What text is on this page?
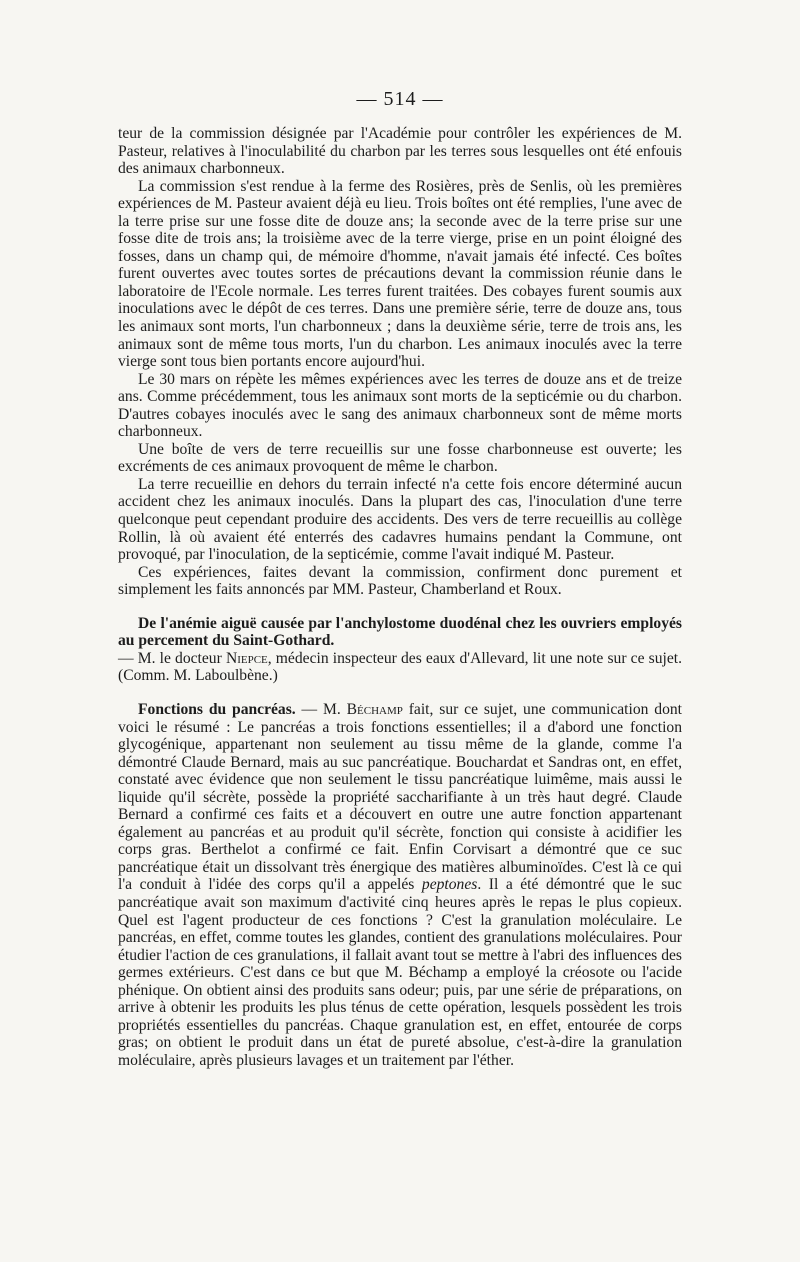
— 514 —

teur de la commission désignée par l'Académie pour contrôler les expériences de M. Pasteur, relatives à l'inoculabilité du charbon par les terres sous lesquelles ont été enfouis des animaux charbonneux.

La commission s'est rendue à la ferme des Rosières, près de Senlis, où les premières expériences de M. Pasteur avaient déjà eu lieu. Trois boîtes ont été remplies, l'une avec de la terre prise sur une fosse dite de douze ans; la seconde avec de la terre prise sur une fosse dite de trois ans; la troisième avec de la terre vierge, prise en un point éloigné des fosses, dans un champ qui, de mémoire d'homme, n'avait jamais été infecté. Ces boîtes furent ouvertes avec toutes sortes de précautions devant la commission réunie dans le laboratoire de l'Ecole normale. Les terres furent traitées. Des cobayes furent soumis aux inoculations avec le dépôt de ces terres. Dans une première série, terre de douze ans, tous les animaux sont morts, l'un charbonneux ; dans la deuxième série, terre de trois ans, les animaux sont de même tous morts, l'un du charbon. Les animaux inoculés avec la terre vierge sont tous bien portants encore aujourd'hui.

Le 30 mars on répète les mêmes expériences avec les terres de douze ans et de treize ans. Comme précédemment, tous les animaux sont morts de la septicémie ou du charbon. D'autres cobayes inoculés avec le sang des animaux charbonneux sont de même morts charbonneux.

Une boîte de vers de terre recueillis sur une fosse charbonneuse est ouverte; les excréments de ces animaux provoquent de même le charbon.

La terre recueillie en dehors du terrain infecté n'a cette fois encore déterminé aucun accident chez les animaux inoculés. Dans la plupart des cas, l'inoculation d'une terre quelconque peut cependant produire des accidents. Des vers de terre recueillis au collège Rollin, là où avaient été enterrés des cadavres humains pendant la Commune, ont provoqué, par l'inoculation, de la septicémie, comme l'avait indiqué M. Pasteur.

Ces expériences, faites devant la commission, confirment donc purement et simplement les faits annoncés par MM. Pasteur, Chamberland et Roux.

De l'anémie aiguë causée par l'anchylostome duodénal chez les ouvriers employés au percement du Saint-Gothard.

— M. le docteur Niepce, médecin inspecteur des eaux d'Allevard, lit une note sur ce sujet. (Comm. M. Laboulbène.)

Fonctions du pancréas. — M. Béchamp fait, sur ce sujet, une communication dont voici le résumé : Le pancréas a trois fonctions essentielles; il a d'abord une fonction glycogénique, appartenant non seulement au tissu même de la glande, comme l'a démontré Claude Bernard, mais au suc pancréatique. Bouchardat et Sandras ont, en effet, constaté avec évidence que non seulement le tissu pancréatique luimême, mais aussi le liquide qu'il sécrète, possède la propriété saccharifiante à un très haut degré. Claude Bernard a confirmé ces faits et a découvert en outre une autre fonction appartenant également au pancréas et au produit qu'il sécrète, fonction qui consiste à acidifier les corps gras. Berthelot a confirmé ce fait. Enfin Corvisart a démontré que ce suc pancréatique était un dissolvant très énergique des matières albuminoïdes. C'est là ce qui l'a conduit à l'idée des corps qu'il a appelés peptones. Il a été démontré que le suc pancréatique avait son maximum d'activité cinq heures après le repas le plus copieux. Quel est l'agent producteur de ces fonctions ? C'est la granulation moléculaire. Le pancréas, en effet, comme toutes les glandes, contient des granulations moléculaires. Pour étudier l'action de ces granulations, il fallait avant tout se mettre à l'abri des influences des germes extérieurs. C'est dans ce but que M. Béchamp a employé la créosote ou l'acide phénique. On obtient ainsi des produits sans odeur; puis, par une série de préparations, on arrive à obtenir les produits les plus ténus de cette opération, lesquels possèdent les trois propriétés essentielles du pancréas. Chaque granulation est, en effet, entourée de corps gras; on obtient le produit dans un état de pureté absolue, c'est-à-dire la granulation moléculaire, après plusieurs lavages et un traitement par l'éther.
